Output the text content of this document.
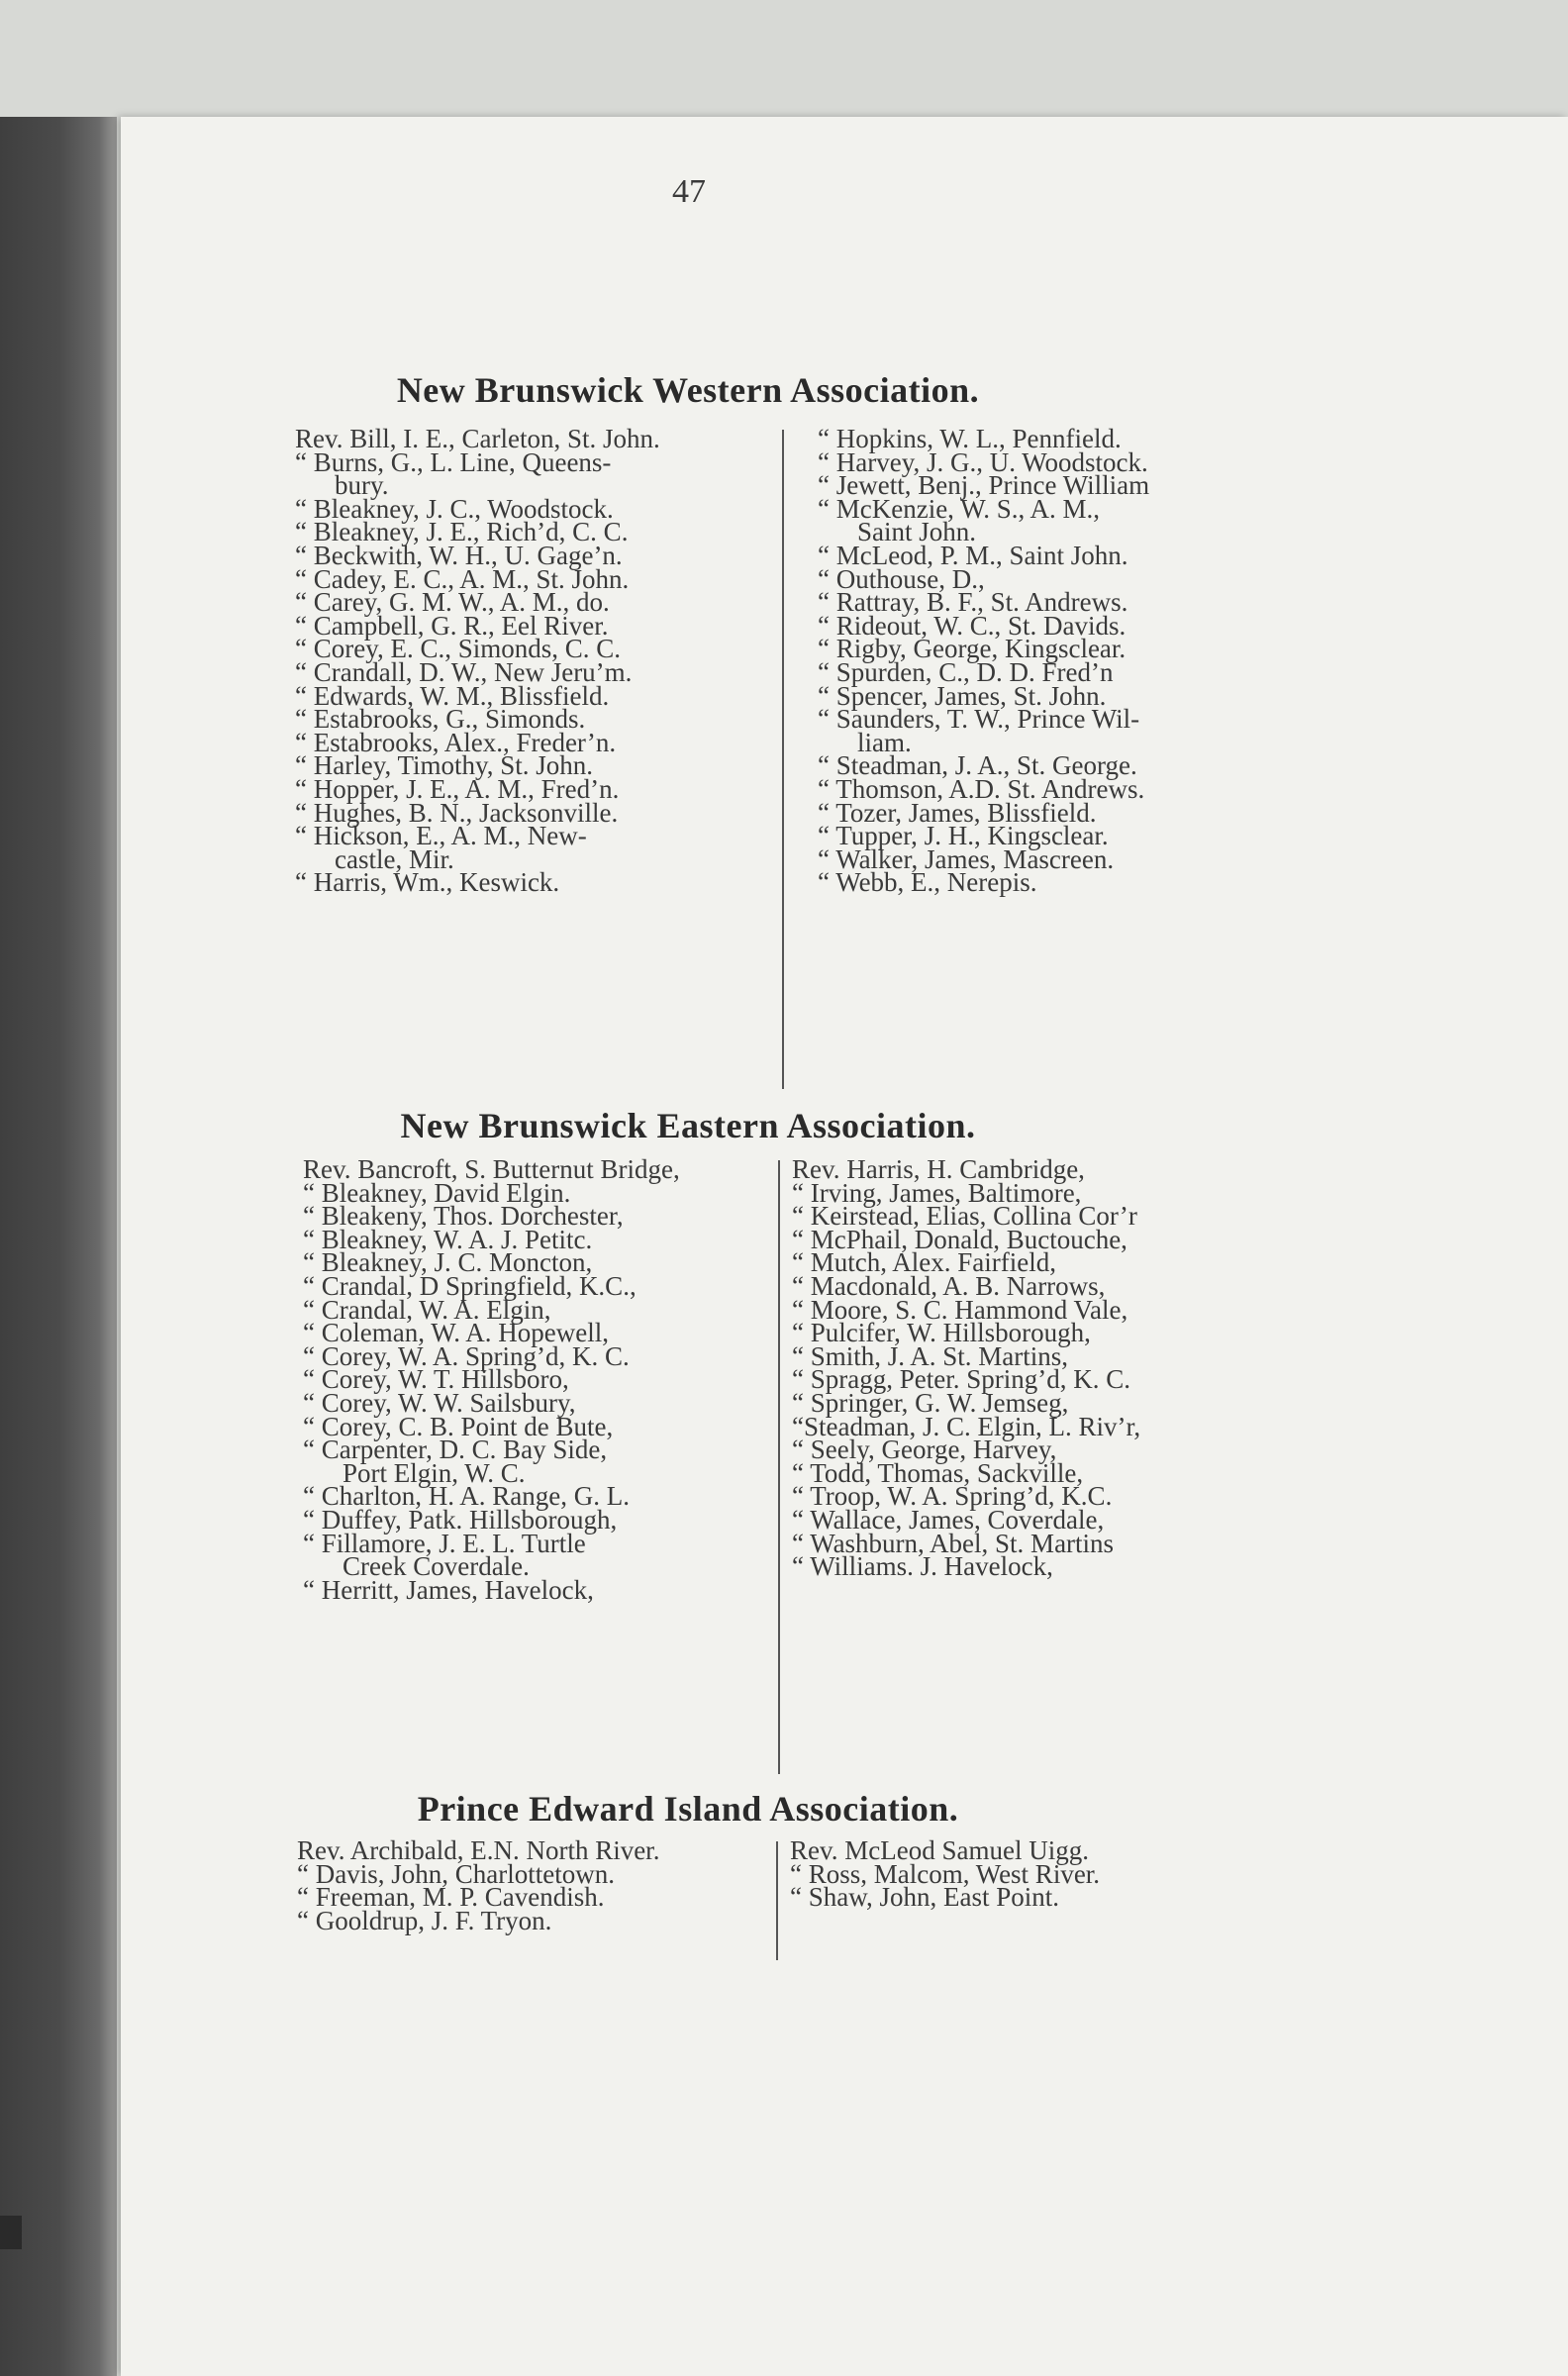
47
New Brunswick Western Association.
Rev. Bill, I. E., Carleton, St. John.
“ Burns, G., L. Line, Queens-
bury.
“ Bleakney, J. C., Woodstock.
“ Bleakney, J. E., Rich’d, C. C.
“ Beckwith, W. H., U. Gage’n.
“ Cadey, E. C., A. M., St. John.
“ Carey, G. M. W., A. M., do.
“ Campbell, G. R., Eel River.
“ Corey, E. C., Simonds, C. C.
“ Crandall, D. W., New Jeru’m.
“ Edwards, W. M., Blissfield.
“ Estabrooks, G., Simonds.
“ Estabrooks, Alex., Freder’n.
“ Harley, Timothy, St. John.
“ Hopper, J. E., A. M., Fred’n.
“ Hughes, B. N., Jacksonville.
“ Hickson, E., A. M., New-
castle, Mir.
“ Harris, Wm., Keswick.
“ Hopkins, W. L., Pennfield.
“ Harvey, J. G., U. Woodstock.
“ Jewett, Benj., Prince William
“ McKenzie, W. S., A. M.,
Saint John.
“ McLeod, P. M., Saint John.
“ Outhouse, D.,
“ Rattray, B. F., St. Andrews.
“ Rideout, W. C., St. Davids.
“ Rigby, George, Kingsclear.
“ Spurden, C., D. D. Fred’n
“ Spencer, James, St. John.
“ Saunders, T. W., Prince Wil-
liam.
“ Steadman, J. A., St. George.
“ Thomson, A.D. St. Andrews.
“ Tozer, James, Blissfield.
“ Tupper, J. H., Kingsclear.
“ Walker, James, Mascreen.
“ Webb, E., Nerepis.
New Brunswick Eastern Association.
Rev. Bancroft, S. Butternut Bridge,
“ Bleakney, David Elgin.
“ Bleakeny, Thos. Dorchester,
“ Bleakney, W. A. J. Petitc.
“ Bleakney, J. C. Moncton,
“ Crandal, D Springfield, K.C.,
“ Crandal, W. A. Elgin,
“ Coleman, W. A. Hopewell,
“ Corey, W. A. Spring’d, K. C.
“ Corey, W. T. Hillsboro,
“ Corey, W. W. Sailsbury,
“ Corey, C. B. Point de Bute,
“ Carpenter, D. C. Bay Side,
Port Elgin, W. C.
“ Charlton, H. A. Range, G. L.
“ Duffey, Patk. Hillsborough,
“ Fillamore, J. E. L. Turtle
Creek Coverdale.
“ Herritt, James, Havelock,
Rev. Harris, H. Cambridge,
“ Irving, James, Baltimore,
“ Keirstead, Elias, Collina Cor’r
“ McPhail, Donald, Buctouche,
“ Mutch, Alex. Fairfield,
“ Macdonald, A. B. Narrows,
“ Moore, S. C. Hammond Vale,
“ Pulcifer, W. Hillsborough,
“ Smith, J. A. St. Martins,
“ Spragg, Peter. Spring’d, K. C.
“ Springer, G. W. Jemseg,
“Steadman, J. C. Elgin, L. Riv’r,
“ Seely, George, Harvey,
“ Todd, Thomas, Sackville,
“ Troop, W. A. Spring’d, K.C.
“ Wallace, James, Coverdale,
“ Washburn, Abel, St. Martins
“ Williams. J. Havelock,
Prince Edward Island Association.
Rev. Archibald, E.N. North River.
“ Davis, John, Charlottetown.
“ Freeman, M. P. Cavendish.
“ Gooldrup, J. F. Tryon.
Rev. McLeod Samuel Uigg.
“ Ross, Malcom, West River.
“ Shaw, John, East Point.
